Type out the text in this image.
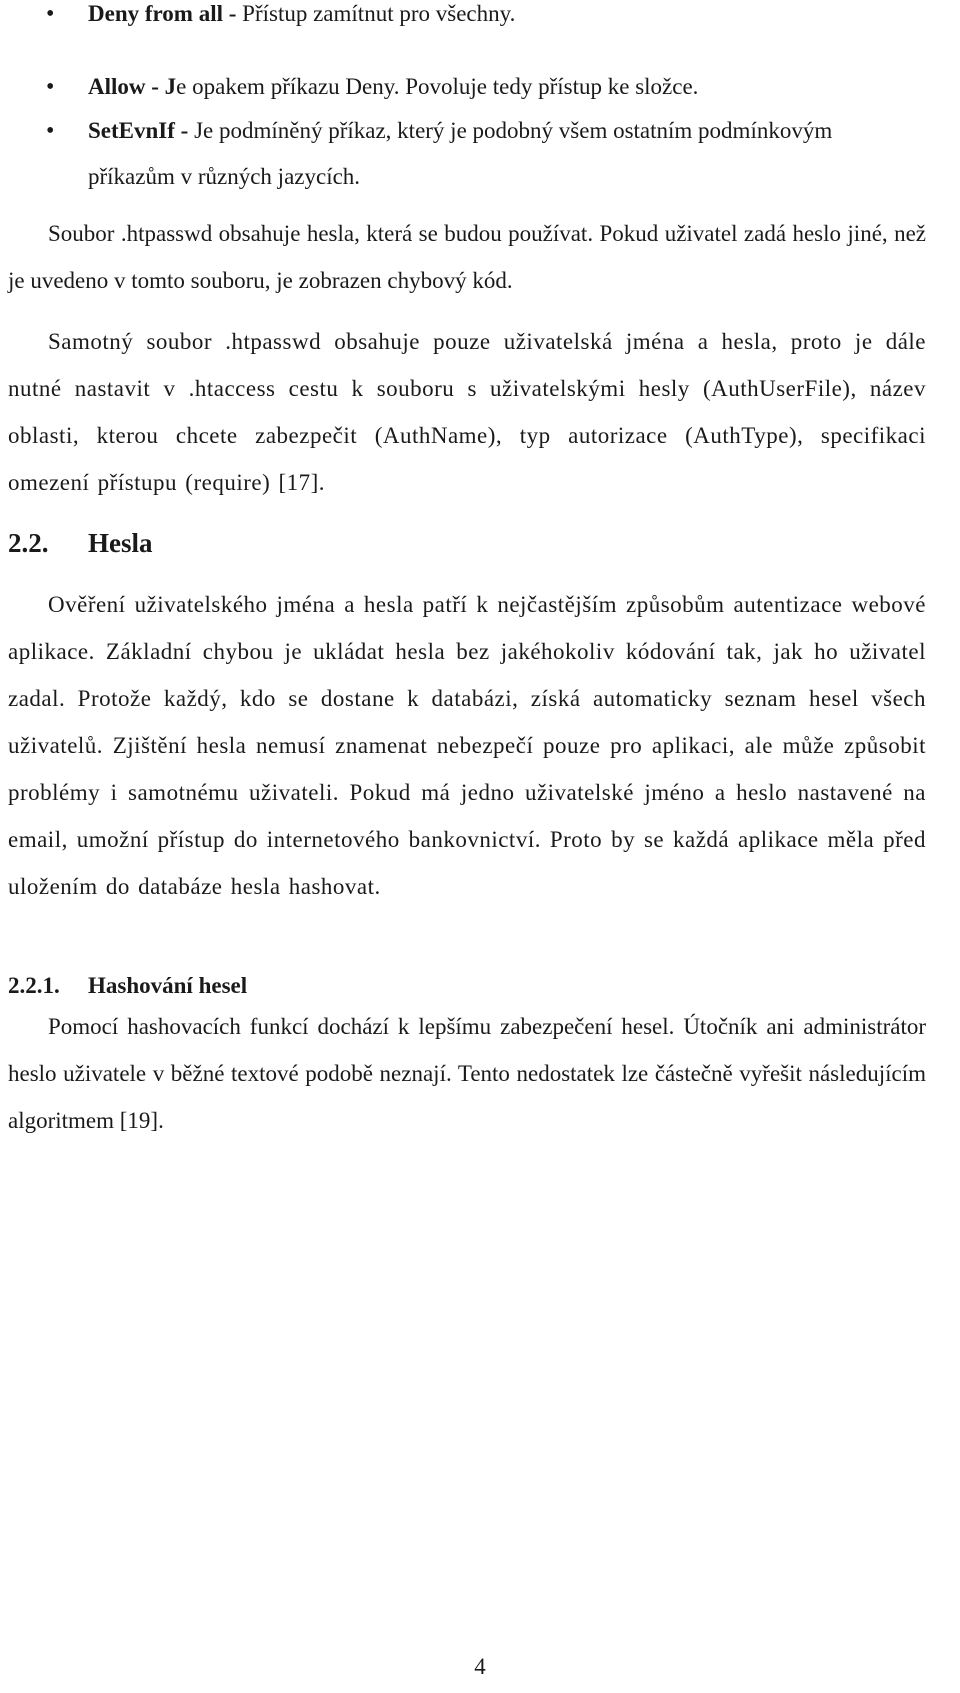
• Deny from all - Přístup zamítnut pro všechny.
• Allow - Je opakem příkazu Deny. Povoluje tedy přístup ke složce.
• SetEvnIf - Je podmíněný příkaz, který je podobný všem ostatním podmínkovým příkazům v různých jazycích.

Soubor .htpasswd obsahuje hesla, která se budou používat. Pokud uživatel zadá heslo jiné, než je uvedeno v tomto souboru, je zobrazen chybový kód.

Samotný soubor .htpasswd obsahuje pouze uživatelská jména a hesla, proto je dále nutné nastavit v .htaccess cestu k souboru s uživatelskými hesly (AuthUserFile), název oblasti, kterou chcete zabezpečit (AuthName), typ autorizace (AuthType), specifikaci omezení přístupu (require) [17].

2.2. Hesla

Ověření uživatelského jména a hesla patří k nejčastějším způsobům autentizace webové aplikace. Základní chybou je ukládat hesla bez jakéhokoliv kódování tak, jak ho uživatel zadal. Protože každý, kdo se dostane k databázi, získá automaticky seznam hesel všech uživatelů. Zjištění hesla nemusí znamenat nebezpečí pouze pro aplikaci, ale může způsobit problémy i samotnému uživateli. Pokud má jedno uživatelské jméno a heslo nastavené na email, umožní přístup do internetového bankovnictví. Proto by se každá aplikace měla před uložením do databáze hesla hashovat.

2.2.1. Hashování hesel

Pomocí hashovacích funkcí dochází k lepšímu zabezpečení hesel. Útočník ani administrátor heslo uživatele v běžné textové podobě neznají. Tento nedostatek lze částečně vyřešit následujícím algoritmem [19].

4
